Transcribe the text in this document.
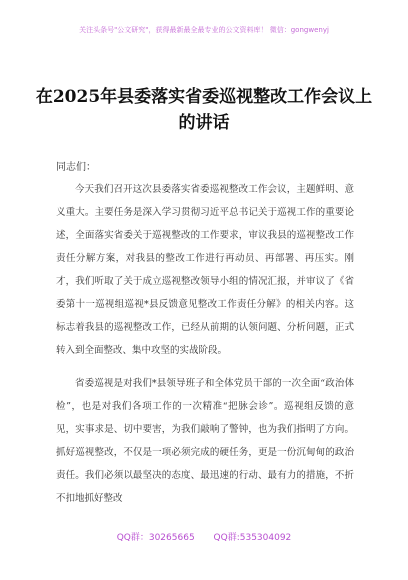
关注头条号"公文研究"，获得最新最全最专业的公文资料库！ 微信：gongwenyj
在2025年县委落实省委巡视整改工作会议上的讲话
同志们：

今天我们召开这次县委落实省委巡视整改工作会议，主题鲜明、意义重大。主要任务是深入学习贯彻习近平总书记关于巡视工作的重要论述，全面落实省委关于巡视整改的工作要求，审议我县的巡视整改工作责任分解方案，对我县的整改工作进行再动员、再部署、再压实。刚才，我们听取了关于成立巡视整改领导小组的情况汇报，并审议了《省委第十一巡视组巡视*县反馈意见整改工作责任分解》的相关内容。这标志着我县的巡视整改工作，已经从前期的认领问题、分析问题，正式转入到全面整改、集中攻坚的实战阶段。

省委巡视是对我们*县领导班子和全体党员干部的一次全面“政治体检”，也是对我们各项工作的一次精准“把脉会诊”。巡视组反馈的意见，实事求是、切中要害，为我们敲响了警钟，也为我们指明了方向。抓好巡视整改，不仅是一项必须完成的硬任务，更是一份沉甸甸的政治责任。我们必须以最坚决的态度、最迅速的行动、最有力的措施，不折不扣地抓好整改

QQ群：30265665 QQ群:535304092
